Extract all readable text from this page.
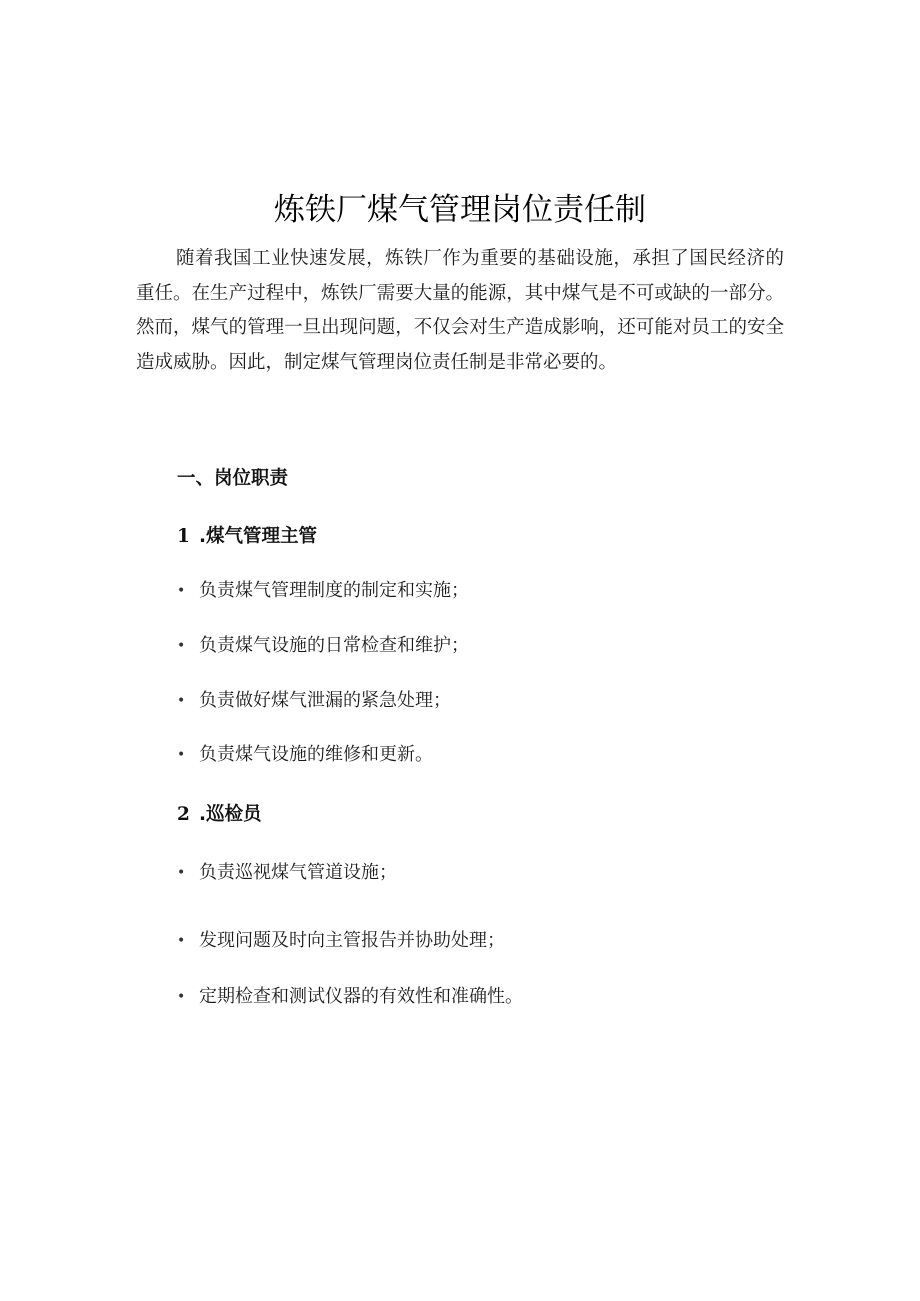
炼铁厂煤气管理岗位责任制

随着我国工业快速发展，炼铁厂作为重要的基础设施，承担了国民经济的重任。在生产过程中，炼铁厂需要大量的能源，其中煤气是不可或缺的一部分。然而，煤气的管理一旦出现问题，不仅会对生产造成影响，还可能对员工的安全造成威胁。因此，制定煤气管理岗位责任制是非常必要的。

一、岗位职责
1 .煤气管理主管

• 负责煤气管理制度的制定和实施；

• 负责煤气设施的日常检查和维护；

• 负责做好煤气泄漏的紧急处理；

• 负责煤气设施的维修和更新。

2 .巡检员

• 负责巡视煤气管道设施；

• 发现问题及时向主管报告并协助处理；

• 定期检查和测试仪器的有效性和准确性。
